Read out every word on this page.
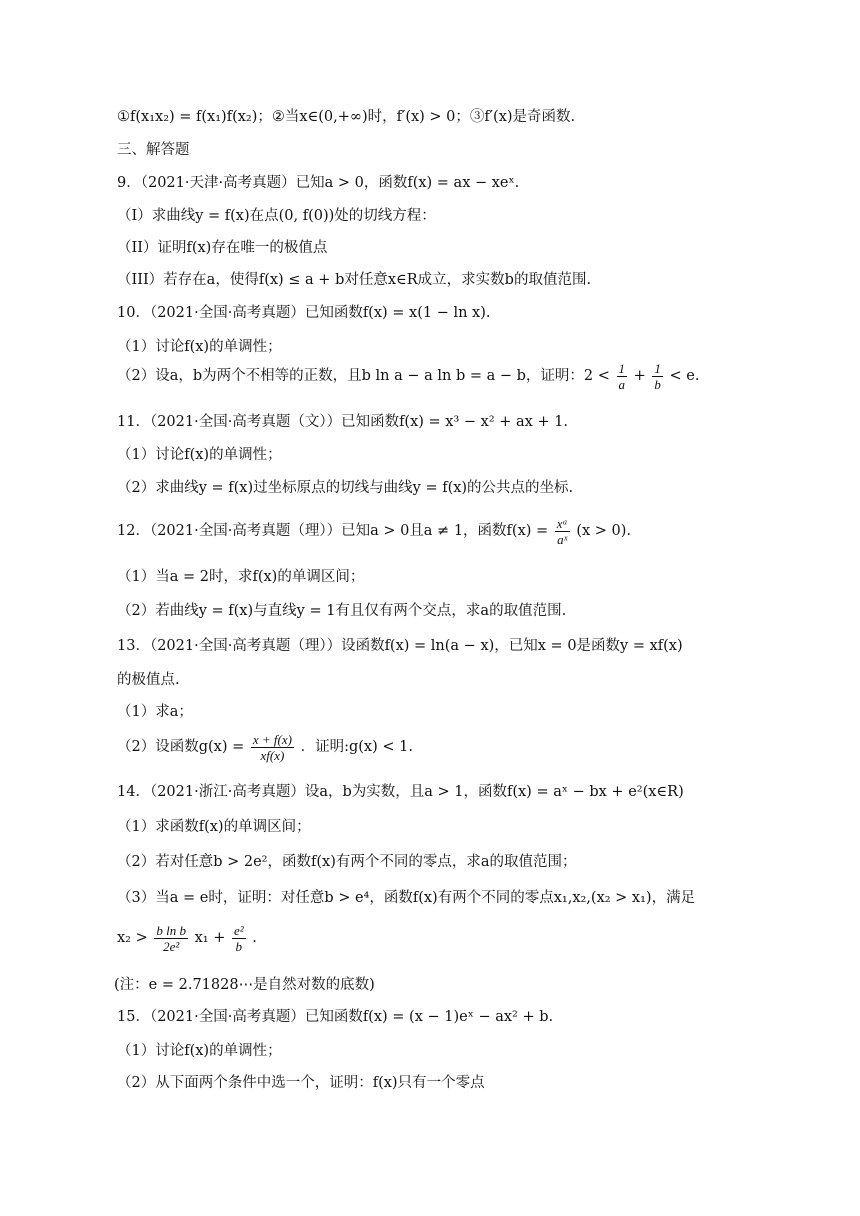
①f(x₁x₂) = f(x₁)f(x₂)；②当x∈(0,+∞)时，f′(x) > 0；③f′(x)是奇函数.
三、解答题
9．（2021·天津·高考真题）已知a > 0，函数f(x) = ax − xeˣ.
（I）求曲线y = f(x)在点(0, f(0))处的切线方程：
（II）证明f(x)存在唯一的极值点
（III）若存在a，使得f(x) ≤ a + b对任意x∈R成立，求实数b的取值范围.
10．（2021·全国·高考真题）已知函数f(x) = x(1 − ln x).
（1）讨论f(x)的单调性；
（2）设a，b为两个不相等的正数，且b ln a − a ln b = a − b，证明：$2 < \frac{1}{a} + \frac{1}{b} < e$.
11．（2021·全国·高考真题（文））已知函数f(x) = x³ − x² + ax + 1.
（1）讨论f(x)的单调性；
（2）求曲线y = f(x)过坐标原点的切线与曲线y = f(x)的公共点的坐标.
12．（2021·全国·高考真题（理））已知a > 0且a ≠ 1，函数$f(x) = \frac{\text{xᵃ}}{\text{aˣ}} (x > 0)$.
（1）当a = 2时，求f(x)的单调区间；
（2）若曲线y = f(x)与直线y = 1有且仅有两个交点，求a的取值范围.
13．（2021·全国·高考真题（理））设函数f(x) = ln(a − x)，已知x = 0是函数y = xf(x)
的极值点.
（1）求a；
（2）设函数$g(x) = \frac{x + f(x)}{xf(x)}$ ．证明:g(x) < 1.
14．（2021·浙江·高考真题）设a，b为实数，且a > 1，函数f(x) = aˣ − bx + e²(x∈R)
（1）求函数f(x)的单调区间；
（2）若对任意b > 2e²，函数f(x)有两个不同的零点，求a的取值范围；
（3）当a = e时，证明：对任意b > e⁴，函数f(x)有两个不同的零点x₁,x₂,(x₂ > x₁)，满足
$x_2 > \frac{\text{b ln b}}{\text{2e²}} x_1 + \frac{\text{e²}}{b}$ .
(注：e = 2.71828⋯是自然对数的底数)
15．（2021·全国·高考真题）已知函数f(x) = (x − 1)eˣ − ax² + b.
（1）讨论f(x)的单调性；
（2）从下面两个条件中选一个，证明：f(x)只有一个零点
